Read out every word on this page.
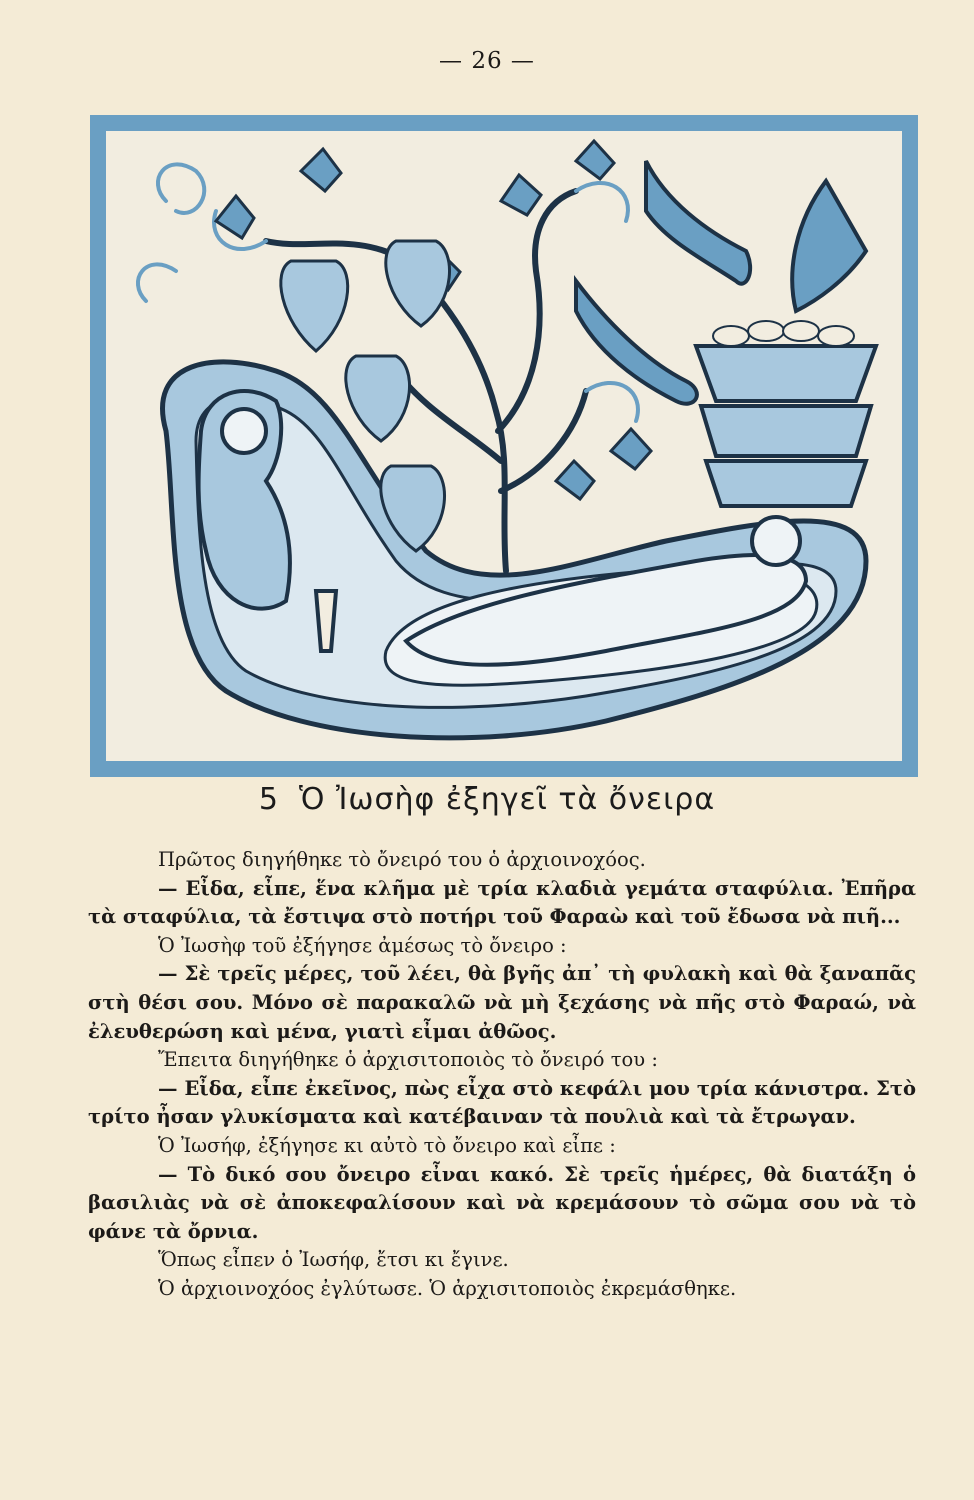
— 26 —
5 Ὁ Ἰωσὴφ ἐξηγεῖ τὰ ὄνειρα

Πρῶτος διηγήθηκε τὸ ὄνειρό του ὁ ἀρχιοινοχόος.

— Εἶδα, εἶπε, ἕνα κλῆμα μὲ τρία κλαδιὰ γεμάτα σταφύλια. Ἐπῆρα τὰ σταφύλια, τὰ ἔστιψα στὸ ποτήρι τοῦ Φαραὼ καὶ τοῦ ἔδωσα νὰ πιῆ...

Ὁ Ἰωσὴφ τοῦ ἐξήγησε ἀμέσως τὸ ὄνειρο :

— Σὲ τρεῖς μέρες, τοῦ λέει, θὰ βγῆς ἀπ᾽ τὴ φυλακὴ καὶ θὰ ξαναπᾶς στὴ θέσι σου. Μόνο σὲ παρακαλῶ νὰ μὴ ξεχάσης νὰ πῆς στὸ Φαραώ, νὰ ἐλευθερώση καὶ μένα, γιατὶ εἶμαι ἀθῶος.

Ἔπειτα διηγήθηκε ὁ ἀρχισιτοποιὸς τὸ ὄνειρό του :

— Εἶδα, εἶπε ἐκεῖνος, πὼς εἶχα στὸ κεφάλι μου τρία κάνιστρα. Στὸ τρίτο ἦσαν γλυκίσματα καὶ κατέβαιναν τὰ πουλιὰ καὶ τὰ ἔτρωγαν.

Ὁ Ἰωσήφ, ἐξήγησε κι αὐτὸ τὸ ὄνειρο καὶ εἶπε :

— Τὸ δικό σου ὄνειρο εἶναι κακό. Σὲ τρεῖς ἡμέρες, θὰ διατάξη ὁ βασιλιὰς νὰ σὲ ἀποκεφαλίσουν καὶ νὰ κρεμάσουν τὸ σῶμα σου νὰ τὸ φάνε τὰ ὄρνια.

Ὅπως εἶπεν ὁ Ἰωσήφ, ἔτσι κι ἔγινε.

Ὁ ἀρχιοινοχόος ἐγλύτωσε. Ὁ ἀρχισιτοποιὸς ἐκρεμάσθηκε.
